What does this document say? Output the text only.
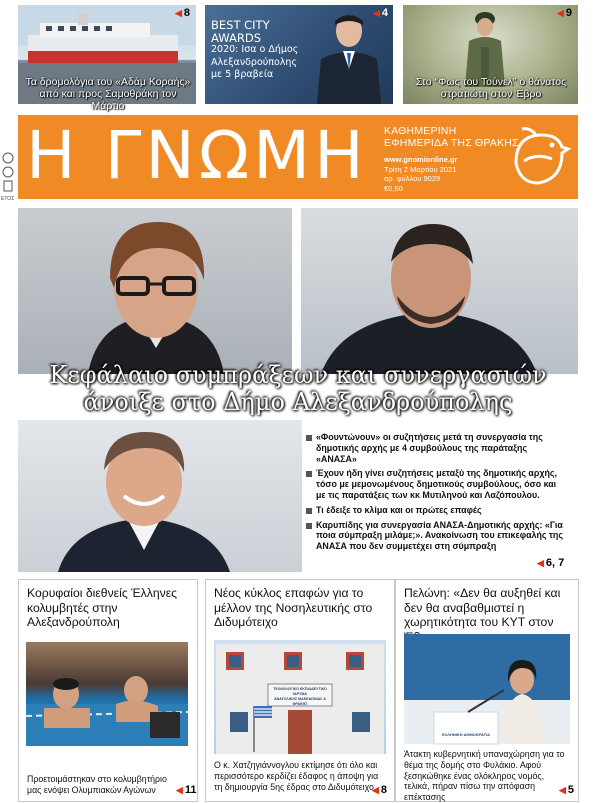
◀ 8
Τα δρομολόγια του «Αδάμ Κοραής» από και προς Σαμοθράκη τον Μάρτιο
BEST CITY
AWARDS
2020: Ισα ο Δήμος
Αλεξανδρούπολης
με 5 βραβεία
◀ 4	◀ 9
Στο “Φως του Τούνελ” ο θάνατος στρατιώτη στον Έβρο
ΕΤΟΣ
Η ΓΝΩΜΗ ΚΑΘΗΜΕΡΙΝΗ
ΕΦΗΜΕΡΙΔΑ ΤΗΣ ΘΡΑΚΗΣ
www.gnomionline.gr
Τρίτη 2 Μαρτίου 2021
αρ. φύλλου 9029
€0,60
Κεφάλαιο συμπράξεων και συνεργασιών
άνοιξε στο Δήμο Αλεξανδρούπολης
«Φουντώνουν» οι συζητήσεις μετά τη συνεργασία της δημοτικής αρχής με 4 συμβούλους της παράταξης «ΑΝΑΣΑ»
Έχουν ήδη γίνει συζητήσεις μεταξύ της δημοτικής αρχής, τόσο με μεμονωμένους δημοτικούς συμβούλους, όσο και με τις παρατάξεις των κκ Μυτιληνού και Λαζόπουλου.
Τι έδειξε το κλίμα και οι πρώτες επαφές
Καρυπίδης για συνεργασία ΑΝΑΣΑ-Δημοτικής αρχής: «Για ποια σύμπραξη μιλάμε;». Ανακοίνωση του επικεφαλής της ΑΝΑΣΑ που δεν συμμετέχει στη σύμπραξη
◀ 6, 7
Κορυφαίοι διεθνείς Έλληνες κολυμβητές στην Αλεξανδρούπολη
Προετοιμάστηκαν στο κολυμβητήριο μας ενόψει Ολυμπιακών Αγώνων	◀ 11
Νέος κύκλος επαφών για το μέλλον της Νοσηλευτικής στο Διδυμότειχο
ΤΕΧΝΟΛΟΓΙΚΟ ΕΚΠΑΙΔΕΥΤΙΚΟ ΙΔΡΥΜΑ
ΑΝΑΤΟΛΙΚΗΣ ΜΑΚΕΔΟΝΙΑΣ & ΘΡΑΚΗΣ
Ο κ. Χατζηγιάννογλου εκτίμησε ότι όλο και περισσότερο κερδίζει έδαφος η άποψη για τη δημιουργία 5ης έδρας στο Διδυμότειχο
◀ 8
Πελώνη: «Δεν θα αυξηθεί και δεν θα αναβαθμιστεί η χωρητικότητα του ΚΥΤ στον
ΕΛΛΗΝΙΚΗ ΔΗΜΟΚΡΑΤΙΑ
Άτακτη κυβερνητική υπαναχώρηση για το θέμα της δομής στο Φυλάκιο. Αφού ξεσηκώθηκε ένας ολόκληρος νομός, τελικά, πήραν πίσω την απόφαση επέκτασης
◀ 5
